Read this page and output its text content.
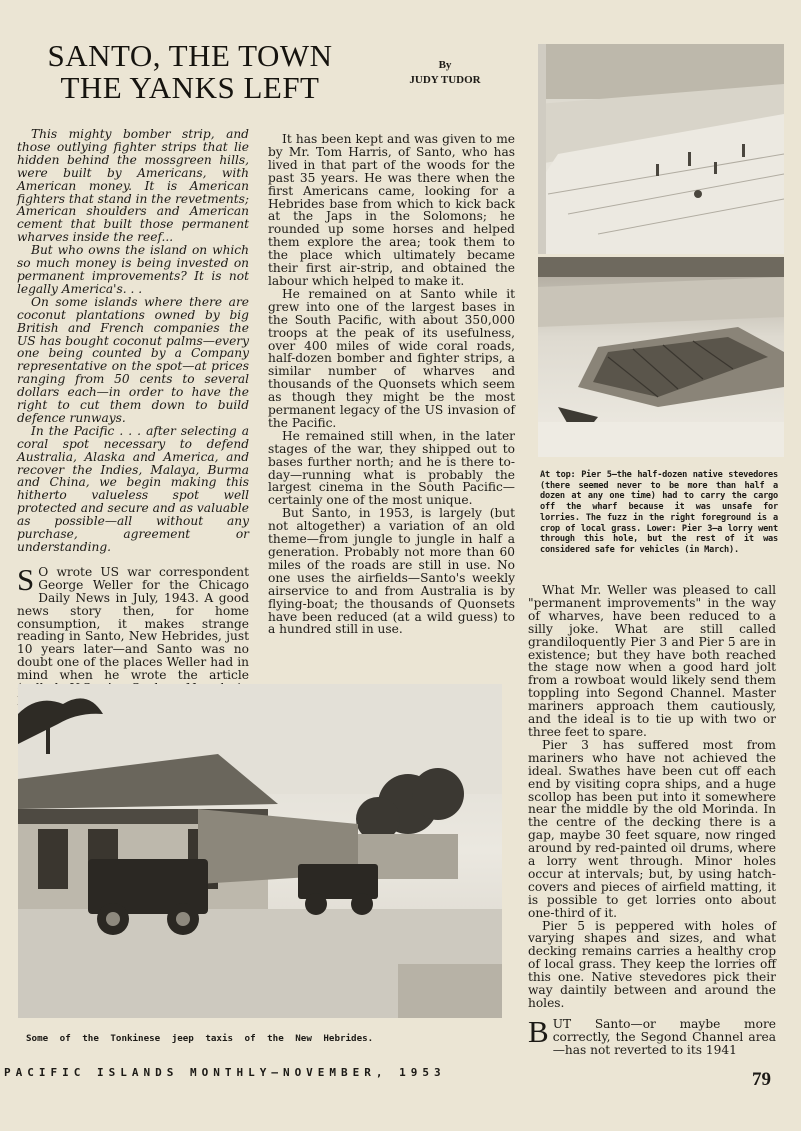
SANTO, THE TOWN
THE YANKS LEFT
By
JUDY TUDOR

This mighty bomber strip, and those outlying fighter strips that lie hidden behind the mossgreen hills, were built by Americans, with American money. It is American fighters that stand in the revetments; American shoulders and American cement that built those permanent wharves inside the reef...

But who owns the island on which so much money is being invested on permanent improvements? It is not legally America's. . .

On some islands where there are coconut plantations owned by big British and French companies the US has bought coconut palms—every one being counted by a Company representative on the spot—at prices ranging from 50 cents to several dollars each—in order to have the right to cut them down to build defence runways.

In the Pacific . . . after selecting a coral spot necessary to defend Australia, Alaska and America, and recover the Indies, Malaya, Burma and China, we begin making this hitherto valueless spot well protected and secure and as valuable as possible—all without any purchase, agreement or understanding.

S O wrote US war correspondent George Weller for the Chicago Daily News in July, 1943. A good news story then, for home consumption, it makes strange reading in Santo, New Hebrides, just 10 years later—and Santo was no doubt one of the places Weller had in mind when he wrote the article

It has been kept and was given to me by Mr. Tom Harris, of Santo, who has lived in that part of the woods for the past 35 years. He was there when the first Americans came, looking for a Hebrides base from which to kick back at the Japs in the Solomons; he rounded up some horses and helped them explore the area; took them to the place which ultimately became their first air-strip, and obtained the labour which helped to make it.

He remained on at Santo while it grew into one of the largest bases in the South Pacific, with about 350,000 troops at the peak of its usefulness, over 400 miles of wide coral roads, half-dozen bomber and fighter strips, a similar number of wharves and thousands of the Quonsets which seem as though they might be the most permanent legacy of the US invasion of the Pacific.

He remained still when, in the later stages of the war, they shipped out to bases further north; and he is there to-day—running what is probably the largest cinema in the South Pacific—certainly one of the most unique.

But Santo, in 1953, is largely (but not altogether) a variation of an old theme—from jungle to jungle in half a generation. Probably not more than 60 miles of the roads are still in use. No one uses the airfields—Santo's weekly airservice to and from Australia is by flying-boat; the thousands of Quonsets have been reduced (at a wild guess) to a hundred still in use.

At top: Pier 5—the half-dozen native stevedores (there seemed never to be more than half a dozen at any one time) had to carry the cargo off the wharf because it was unsafe for lorries. The fuzz in the right foreground is a crop of local grass. Lower: Pier 3—a lorry went through this hole, but the rest of it was considered safe for vehicles (in March).

What Mr. Weller was pleased to call "permanent improvements" in the way of wharves, have been reduced to a silly joke. What are still called grandiloquently Pier 3 and Pier 5 are in existence; but they have both reached the stage now when a good hard jolt from a rowboat would likely send them toppling into Segond Channel. Master mariners approach them cautiously, and the ideal is to tie up with two or three feet to spare.

Pier 3 has suffered most from mariners who have not achieved the ideal. Swathes have been cut off each end by visiting copra ships, and a huge scollop has been put into it somewhere near the middle by the old Morinda. In the centre of the decking there is a gap, maybe 30 feet square, now ringed around by red-painted oil drums, where a lorry went through. Minor holes occur at intervals; but, by using hatch-covers and pieces of airfield matting, it is possible to get lorries onto about one-third of it.

Pier 5 is peppered with holes of varying shapes and sizes, and what decking remains carries a healthy crop of local grass. They keep the lorries off this one. Native stevedores pick their way daintily between and around the holes.

BUT Santo—or maybe more correctly, the Segond Channel area—has not reverted to its 1941

Some of the Tonkinese jeep taxis of the New Hebrides.
PACIFIC ISLANDS MONTHLY—NOVEMBER, 1953	79
